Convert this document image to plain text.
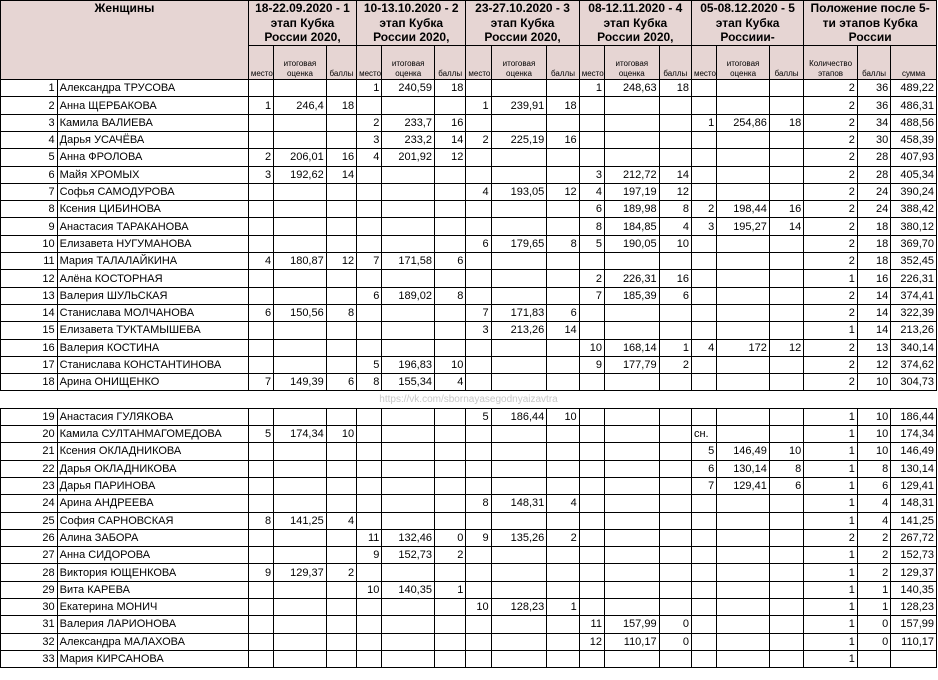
Женщины		18-22.09.2020 - 1 этап Кубка России 2020,			10-13.10.2020 - 2 этап Кубка России 2020,			23-27.10.2020 - 3 этап Кубка России 2020,			08-12.11.2020 - 4 этап Кубка России 2020,			05-08.12.2020 - 5 этап Кубка Россиии-			Положение после 5-ти этапов Кубка России		
		место	итоговая оценка	баллы	место	итоговая оценка	баллы	место	итоговая оценка	баллы	место	итоговая оценка	баллы	место	итоговая оценка	баллы	Количество этапов	баллы	сумма
1	Александра ТРУСОВА				1	240,59	18				1	248,63	18				2	36	489,22
2	Анна ЩЕРБАКОВА	1	246,4	18				1	239,91	18							2	36	486,31
3	Камила ВАЛИЕВА				2	233,7	16							1	254,86	18	2	34	488,56
4	Дарья УСАЧЁВА				3	233,2	14	2	225,19	16							2	30	458,39
5	Анна ФРОЛОВА	2	206,01	16	4	201,92	12										2	28	407,93
6	Майя ХРОМЫХ	3	192,62	14							3	212,72	14				2	28	405,34
7	Софья САМОДУРОВА							4	193,05	12	4	197,19	12				2	24	390,24
8	Ксения ЦИБИНОВА										6	189,98	8	2	198,44	16	2	24	388,42
9	Анастасия ТАРАКАНОВА										8	184,85	4	3	195,27	14	2	18	380,12
10	Елизавета НУГУМАНОВА							6	179,65	8	5	190,05	10				2	18	369,70
11	Мария ТАЛАЛАЙКИНА	4	180,87	12	7	171,58	6										2	18	352,45
12	Алёна КОСТОРНАЯ										2	226,31	16				1	16	226,31
13	Валерия ШУЛЬСКАЯ				6	189,02	8				7	185,39	6				2	14	374,41
14	Станислава МОЛЧАНОВА	6	150,56	8				7	171,83	6							2	14	322,39
15	Елизавета ТУКТАМЫШЕВА							3	213,26	14							1	14	213,26
16	Валерия КОСТИНА										10	168,14	1	4	172	12	2	13	340,14
17	Станислава КОНСТАНТИНОВА				5	196,83	10				9	177,79	2				2	12	374,62
18	Арина ОНИЩЕНКО	7	149,39	6	8	155,34	4										2	10	304,73
https://vk.com/sbornayasegodnyaizavtra																			
19	Анастасия ГУЛЯКОВА							5	186,44	10							1	10	186,44
20	Камила СУЛТАНМАГОМЕДОВА	5	174,34	10										сн.			1	10	174,34
21	Ксения ОКЛАДНИКОВА													5	146,49	10	1	10	146,49
22	Дарья ОКЛАДНИКОВА													6	130,14	8	1	8	130,14
23	Дарья ПАРИНОВА													7	129,41	6	1	6	129,41
24	Арина АНДРЕЕВА							8	148,31	4							1	4	148,31
25	София САРНОВСКАЯ	8	141,25	4													1	4	141,25
26	Алина ЗАБОРА				11	132,46	0	9	135,26	2							2	2	267,72
27	Анна СИДОРОВА				9	152,73	2										1	2	152,73
28	Виктория ЮЩЕНКОВА	9	129,37	2													1	2	129,37
29	Вита КАРЕВА				10	140,35	1										1	1	140,35
30	Екатерина МОНИЧ							10	128,23	1							1	1	128,23
31	Валерия ЛАРИОНОВА										11	157,99	0				1	0	157,99
32	Александра МАЛАХОВА										12	110,17	0				1	0	110,17
33	Мария КИРСАНОВА																1		
